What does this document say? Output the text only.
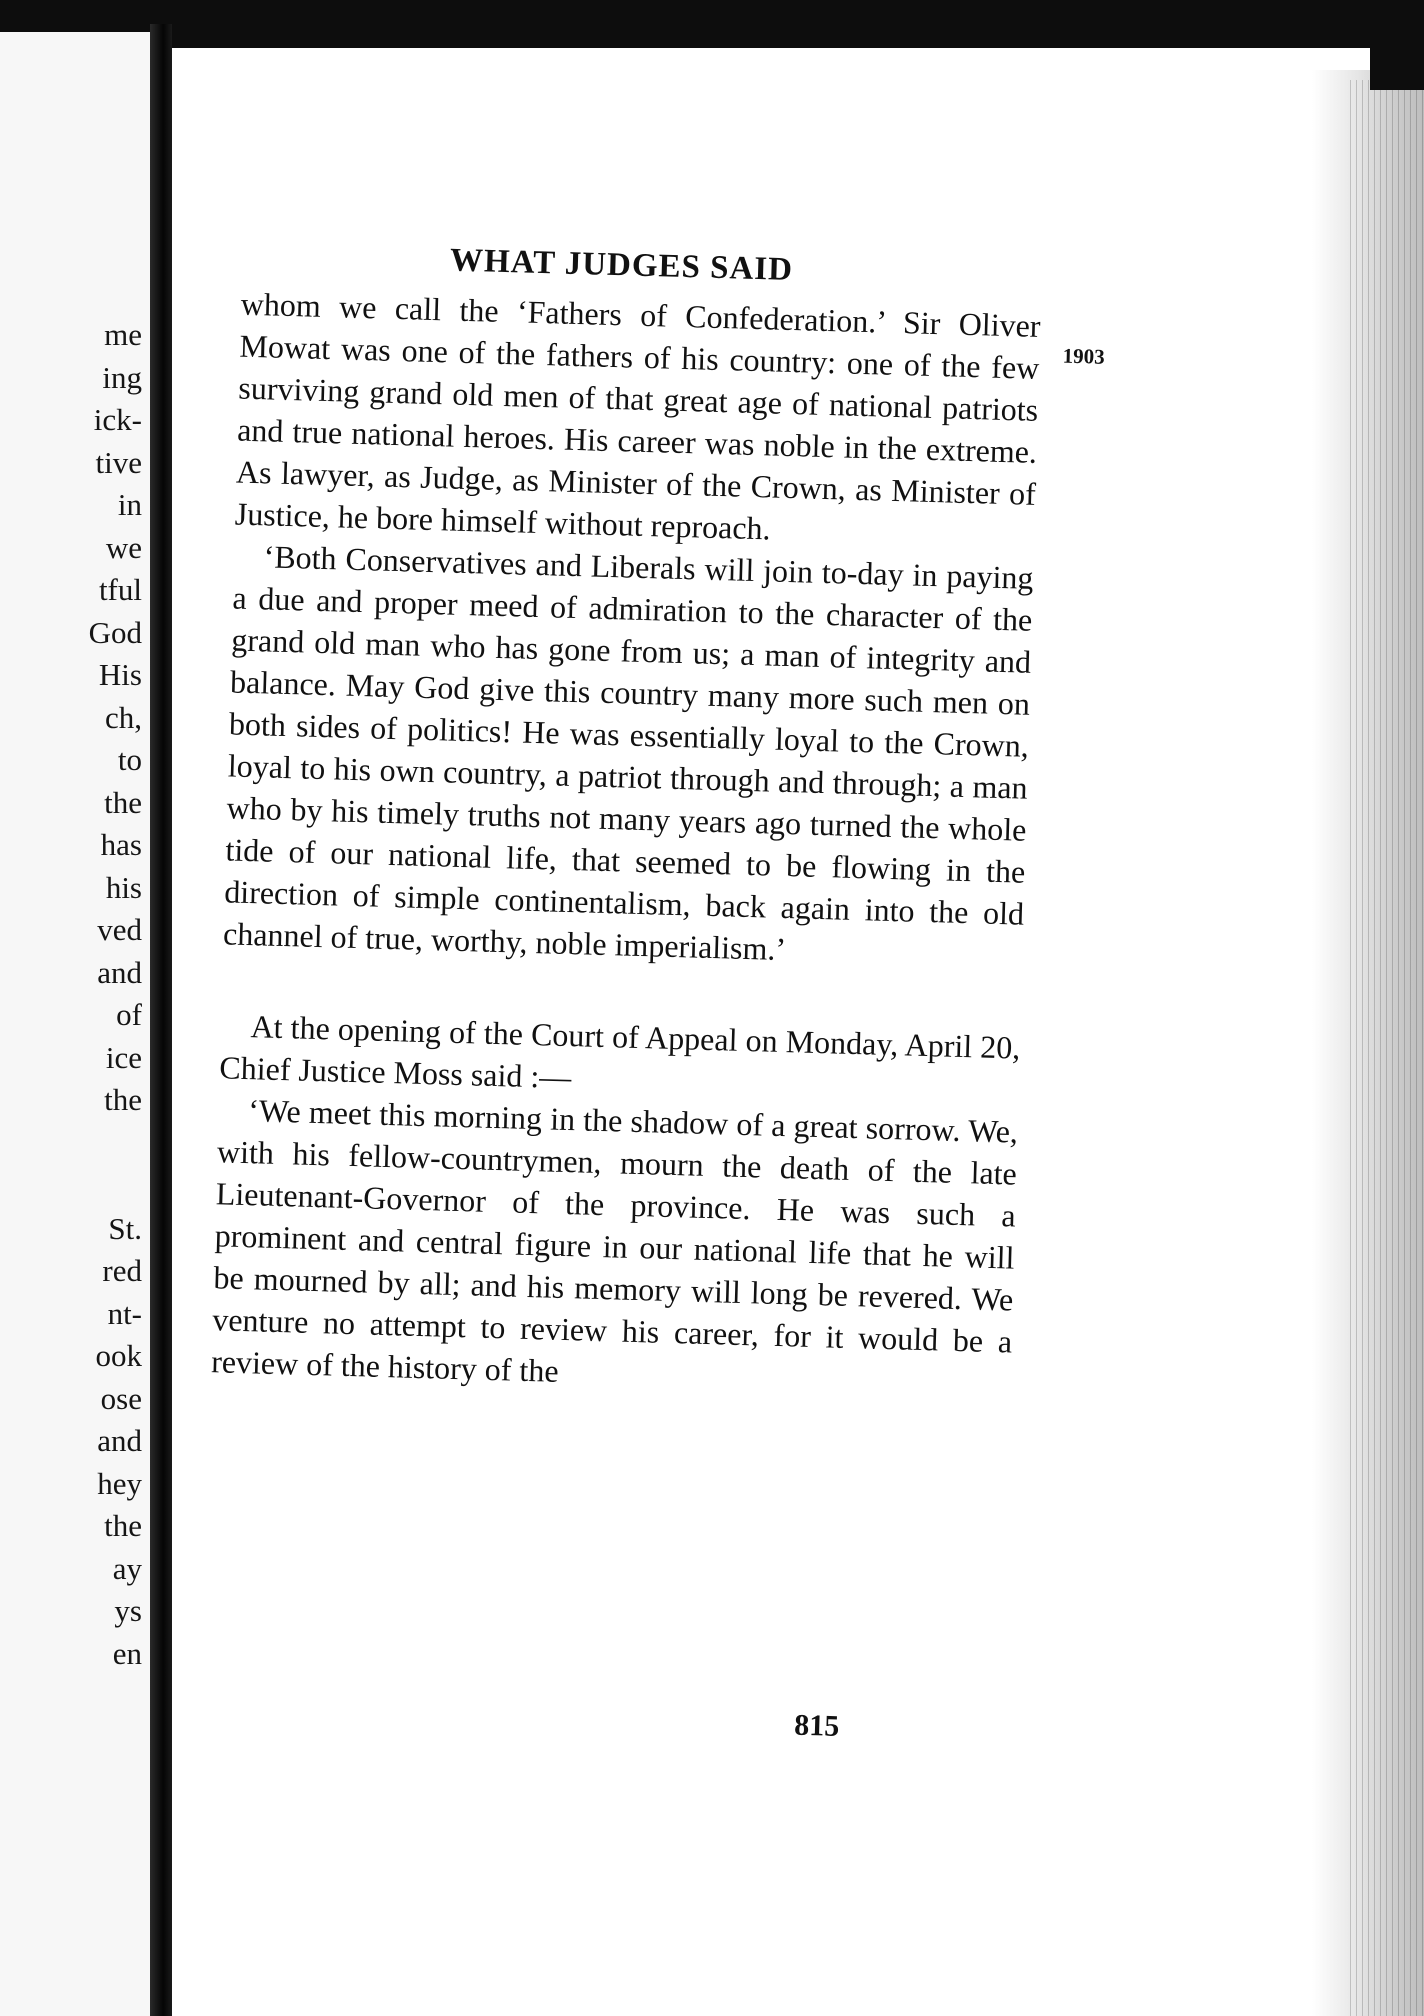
me
ing
ick-
tive
in
we
tful
God
His
ch,
to
the
has
his
ved
and
of
ice
the
St.
red
nt-
ook
ose
and
hey
the
ay
ys
en
WHAT JUDGES SAID
1903

whom we call the ‘Fathers of Confederation.’ Sir Oliver Mowat was one of the fathers of his country: one of the few surviving grand old men of that great age of national patriots and true national heroes. His career was noble in the extreme. As lawyer, as Judge, as Minister of the Crown, as Minister of Justice, he bore himself without reproach.

‘Both Conservatives and Liberals will join to-day in paying a due and proper meed of admiration to the character of the grand old man who has gone from us; a man of integrity and balance. May God give this country many more such men on both sides of politics! He was essentially loyal to the Crown, loyal to his own country, a patriot through and through; a man who by his timely truths not many years ago turned the whole tide of our national life, that seemed to be flowing in the direction of simple continentalism, back again into the old channel of true, worthy, noble imperialism.’

At the opening of the Court of Appeal on Monday, April 20, Chief Justice Moss said :—

‘We meet this morning in the shadow of a great sorrow. We, with his fellow-countrymen, mourn the death of the late Lieutenant-Governor of the province. He was such a prominent and central figure in our national life that he will be mourned by all; and his memory will long be revered. We venture no attempt to review his career, for it would be a review of the history of the

815
